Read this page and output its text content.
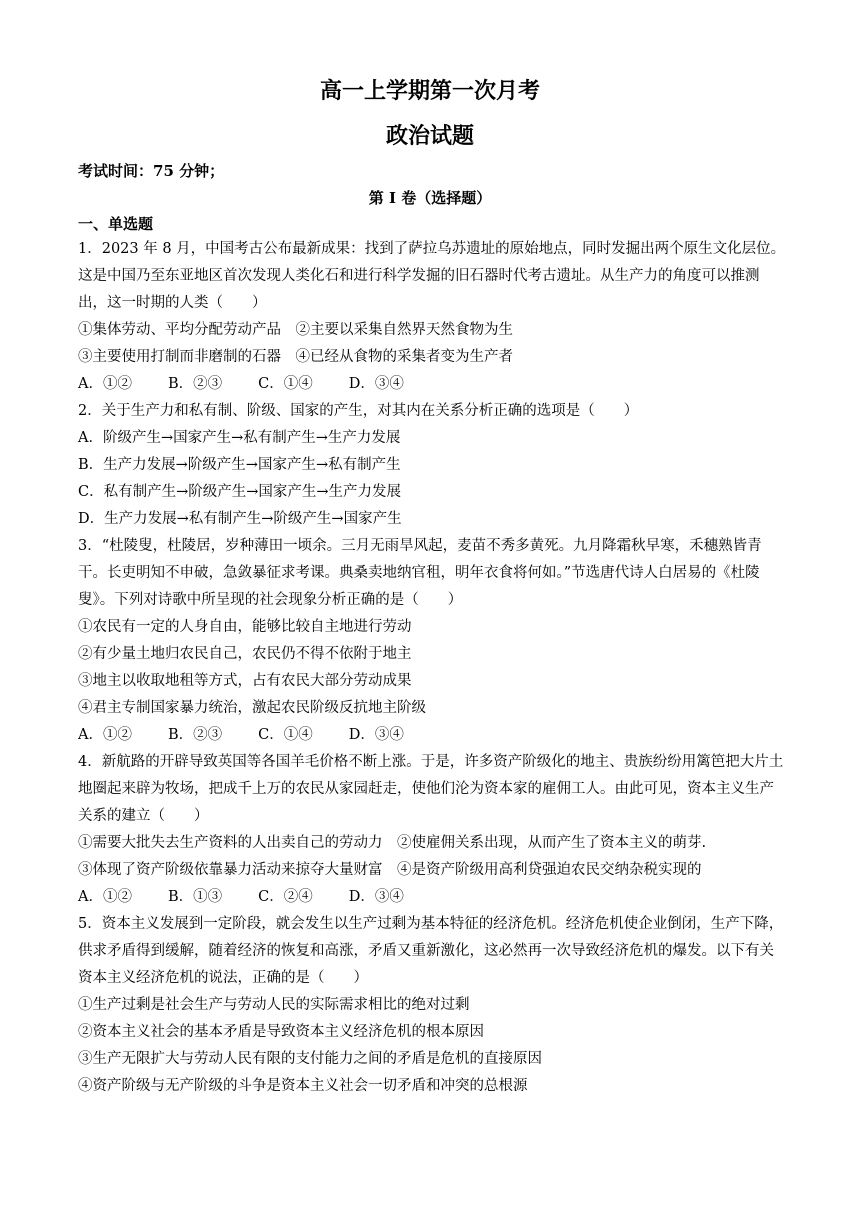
高一上学期第一次月考
政治试题
考试时间：75 分钟；
第 I 卷（选择题）
一、单选题

1．2023 年 8 月，中国考古公布最新成果：找到了萨拉乌苏遗址的原始地点，同时发掘出两个原生文化层位。这是中国乃至东亚地区首次发现人类化石和进行科学发掘的旧石器时代考古遗址。从生产力的角度可以推测出，这一时期的人类（　　）

①集体劳动、平均分配劳动产品　②主要以采集自然界天然食物为生

③主要使用打制而非磨制的石器　④已经从食物的采集者变为生产者

A．①② B．②③ C．①④ D．③④

2．关于生产力和私有制、阶级、国家的产生，对其内在关系分析正确的选项是（　　）

A．阶级产生→国家产生→私有制产生→生产力发展

B．生产力发展→阶级产生→国家产生→私有制产生

C．私有制产生→阶级产生→国家产生→生产力发展

D．生产力发展→私有制产生→阶级产生→国家产生

3．“杜陵叟，杜陵居，岁种薄田一顷余。三月无雨旱风起，麦苗不秀多黄死。九月降霜秋早寒，禾穗熟皆青干。长吏明知不申破，急敛暴征求考课。典桑卖地纳官租，明年衣食将何如。”节选唐代诗人白居易的《杜陵叟》。下列对诗歌中所呈现的社会现象分析正确的是（　　）

①农民有一定的人身自由，能够比较自主地进行劳动

②有少量土地归农民自己，农民仍不得不依附于地主

③地主以收取地租等方式，占有农民大部分劳动成果

④君主专制国家暴力统治，激起农民阶级反抗地主阶级

A．①② B．②③ C．①④ D．③④

4．新航路的开辟导致英国等各国羊毛价格不断上涨。于是，许多资产阶级化的地主、贵族纷纷用篱笆把大片土地圈起来辟为牧场，把成千上万的农民从家园赶走，使他们沦为资本家的雇佣工人。由此可见，资本主义生产关系的建立（　　）

①需要大批失去生产资料的人出卖自己的劳动力　②使雇佣关系出现，从而产生了资本主义的萌芽.

③体现了资产阶级依靠暴力活动来掠夺大量财富　④是资产阶级用高利贷强迫农民交纳杂税实现的

A．①② B．①③ C．②④ D．③④

5．资本主义发展到一定阶段，就会发生以生产过剩为基本特征的经济危机。经济危机使企业倒闭，生产下降，供求矛盾得到缓解，随着经济的恢复和高涨，矛盾又重新激化，这必然再一次导致经济危机的爆发。以下有关资本主义经济危机的说法，正确的是（　　）

①生产过剩是社会生产与劳动人民的实际需求相比的绝对过剩

②资本主义社会的基本矛盾是导致资本主义经济危机的根本原因

③生产无限扩大与劳动人民有限的支付能力之间的矛盾是危机的直接原因

④资产阶级与无产阶级的斗争是资本主义社会一切矛盾和冲突的总根源
